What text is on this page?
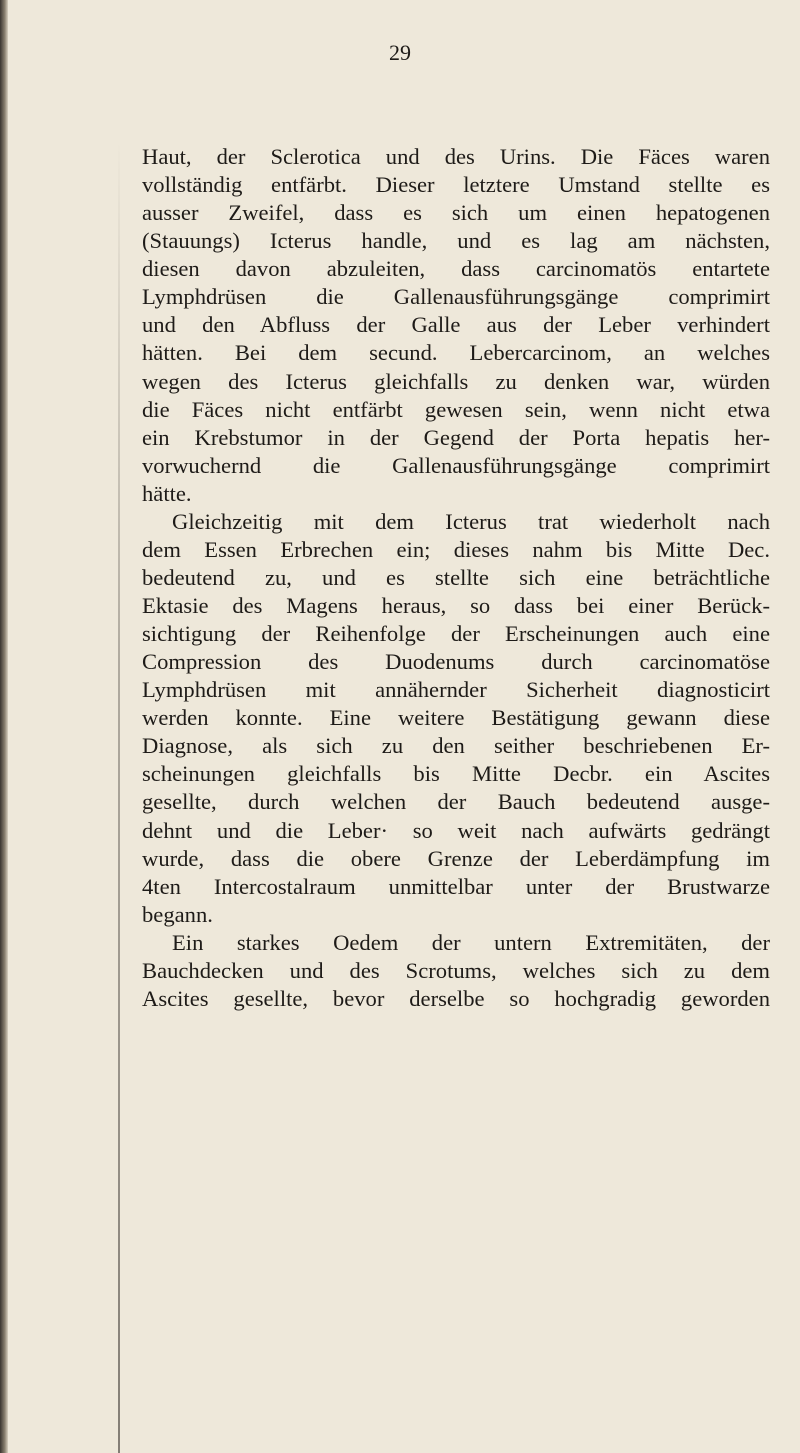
29
Haut, der Sclerotica und des Urins. Die Fäces waren
vollständig entfärbt. Dieser letztere Umstand stellte es
ausser Zweifel, dass es sich um einen hepatogenen
(Stauungs) Icterus handle, und es lag am nächsten,
diesen davon abzuleiten, dass carcinomatös entartete
Lymphdrüsen die Gallenausführungsgänge comprimirt
und den Abfluss der Galle aus der Leber verhindert
hätten. Bei dem secund. Lebercarcinom, an welches
wegen des Icterus gleichfalls zu denken war, würden
die Fäces nicht entfärbt gewesen sein, wenn nicht etwa
ein Krebstumor in der Gegend der Porta hepatis her-
vorwuchernd die Gallenausführungsgänge comprimirt
hätte.
Gleichzeitig mit dem Icterus trat wiederholt nach
dem Essen Erbrechen ein; dieses nahm bis Mitte Dec.
bedeutend zu, und es stellte sich eine beträchtliche
Ektasie des Magens heraus, so dass bei einer Berück-
sichtigung der Reihenfolge der Erscheinungen auch eine
Compression des Duodenums durch carcinomatöse
Lymphdrüsen mit annähernder Sicherheit diagnosticirt
werden konnte. Eine weitere Bestätigung gewann diese
Diagnose, als sich zu den seither beschriebenen Er-
scheinungen gleichfalls bis Mitte Decbr. ein Ascites
gesellte, durch welchen der Bauch bedeutend ausge-
dehnt und die Leber· so weit nach aufwärts gedrängt
wurde, dass die obere Grenze der Leberdämpfung im
4ten Intercostalraum unmittelbar unter der Brustwarze
begann.
Ein starkes Oedem der untern Extremitäten, der
Bauchdecken und des Scrotums, welches sich zu dem
Ascites gesellte, bevor derselbe so hochgradig geworden
